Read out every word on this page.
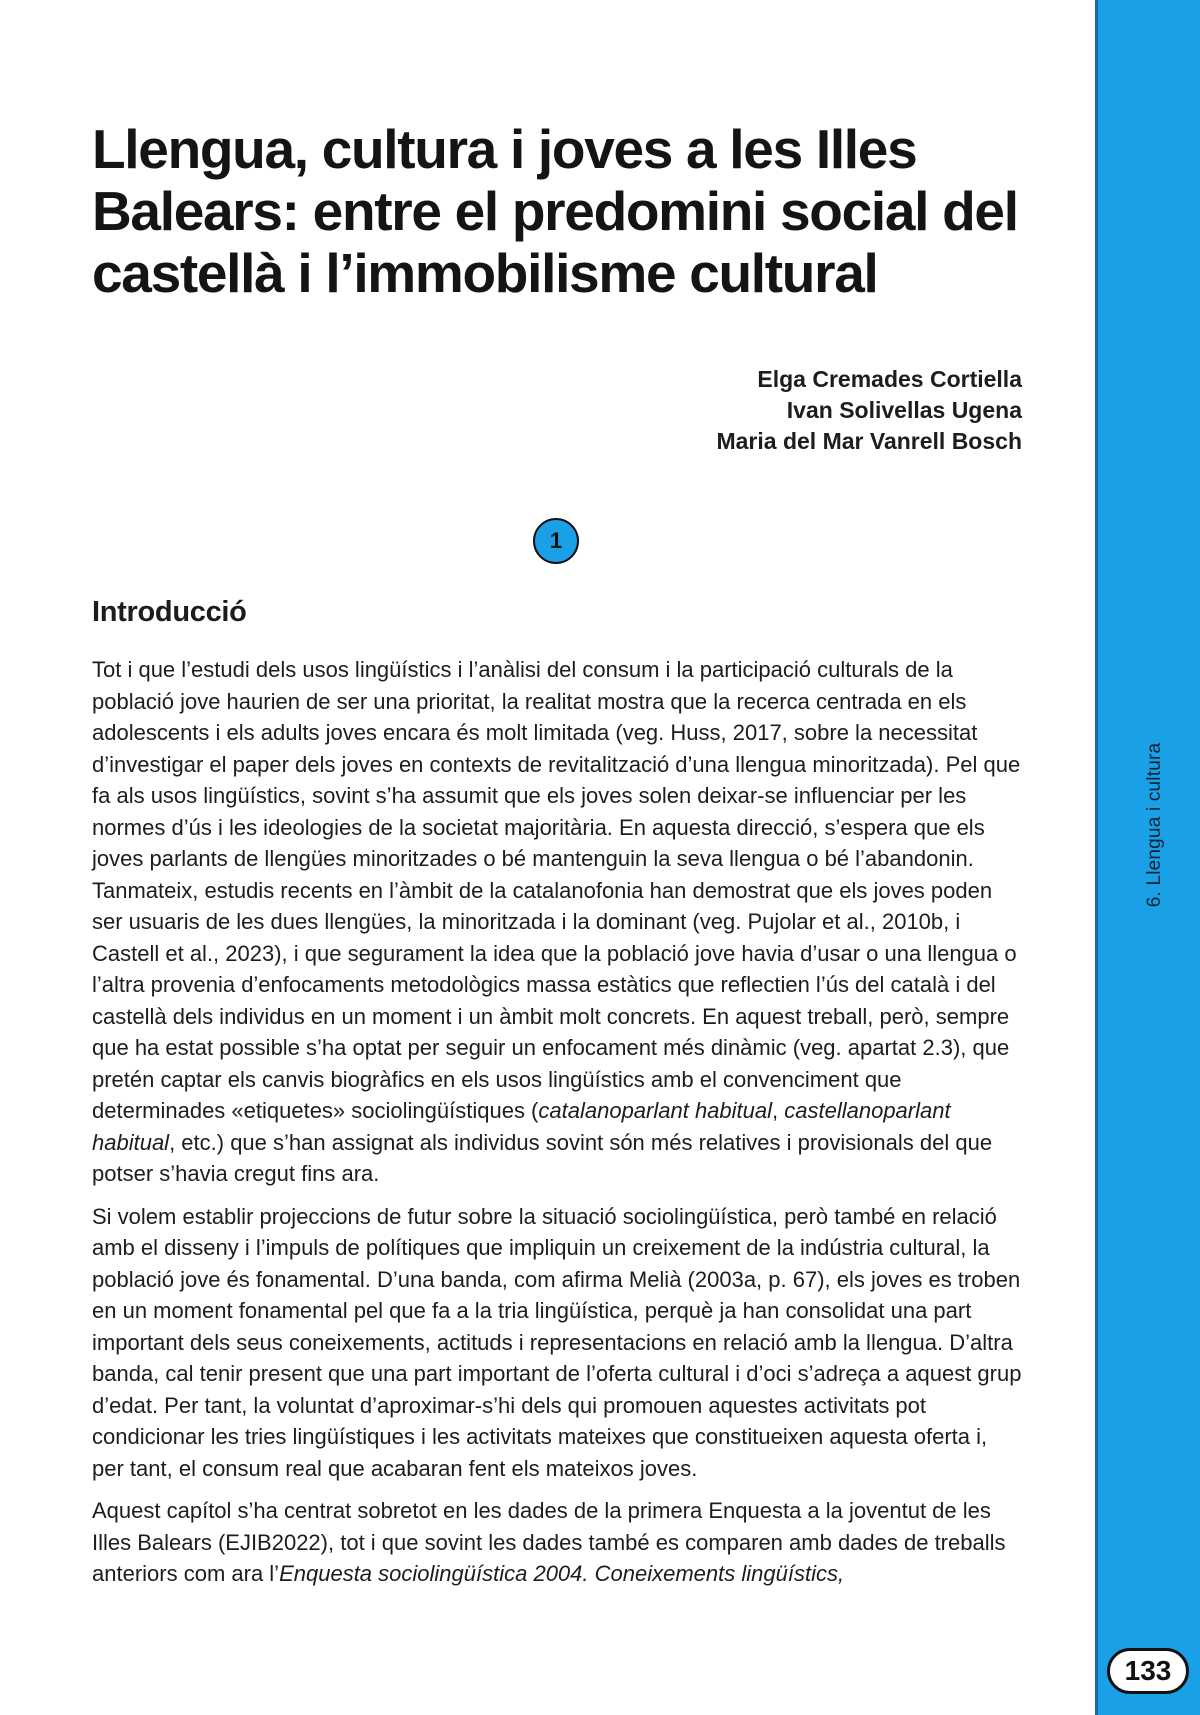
6. Llengua i cultura
133
Llengua, cultura i joves a les Illes Balears: entre el predomini social del castellà i l’immobilisme cultural
Elga Cremades Cortiella
Ivan Solivellas Ugena
Maria del Mar Vanrell Bosch
1
Introducció

Tot i que l’estudi dels usos lingüístics i l’anàlisi del consum i la participació culturals de la població jove haurien de ser una prioritat, la realitat mostra que la recerca centrada en els adolescents i els adults joves encara és molt limitada (veg. Huss, 2017, sobre la necessitat d’investigar el paper dels joves en contexts de revitalització d’una llengua minoritzada). Pel que fa als usos lingüístics, sovint s’ha assumit que els joves solen deixar-se influenciar per les normes d’ús i les ideologies de la societat majoritària. En aquesta direcció, s’espera que els joves parlants de llengües minoritzades o bé mantenguin la seva llengua o bé l’abandonin. Tanmateix, estudis recents en l’àmbit de la catalanofonia han demostrat que els joves poden ser usuaris de les dues llengües, la minoritzada i la dominant (veg. Pujolar et al., 2010b, i Castell et al., 2023), i que segurament la idea que la població jove havia d’usar o una llengua o l’altra provenia d’enfocaments metodològics massa estàtics que reflectien l’ús del català i del castellà dels individus en un moment i un àmbit molt concrets. En aquest treball, però, sempre que ha estat possible s’ha optat per seguir un enfocament més dinàmic (veg. apartat 2.3), que pretén captar els canvis biogràfics en els usos lingüístics amb el convenciment que determinades «etiquetes» sociolingüístiques (catalanoparlant habitual, castellanoparlant habitual, etc.) que s’han assignat als individus sovint són més relatives i provisionals del que potser s’havia cregut fins ara.

Si volem establir projeccions de futur sobre la situació sociolingüística, però també en relació amb el disseny i l’impuls de polítiques que impliquin un creixement de la indústria cultural, la població jove és fonamental. D’una banda, com afirma Melià (2003a, p. 67), els joves es troben en un moment fonamental pel que fa a la tria lingüística, perquè ja han consolidat una part important dels seus coneixements, actituds i representacions en relació amb la llengua. D’altra banda, cal tenir present que una part important de l’oferta cultural i d’oci s’adreça a aquest grup d’edat. Per tant, la voluntat d’aproximar-s’hi dels qui promouen aquestes activitats pot condicionar les tries lingüístiques i les activitats mateixes que constitueixen aquesta oferta i, per tant, el consum real que acabaran fent els mateixos joves.

Aquest capítol s’ha centrat sobretot en les dades de la primera Enquesta a la joventut de les Illes Balears (EJIB2022), tot i que sovint les dades també es comparen amb dades de treballs anteriors com ara l’Enquesta sociolingüística 2004. Coneixements lingüístics,
